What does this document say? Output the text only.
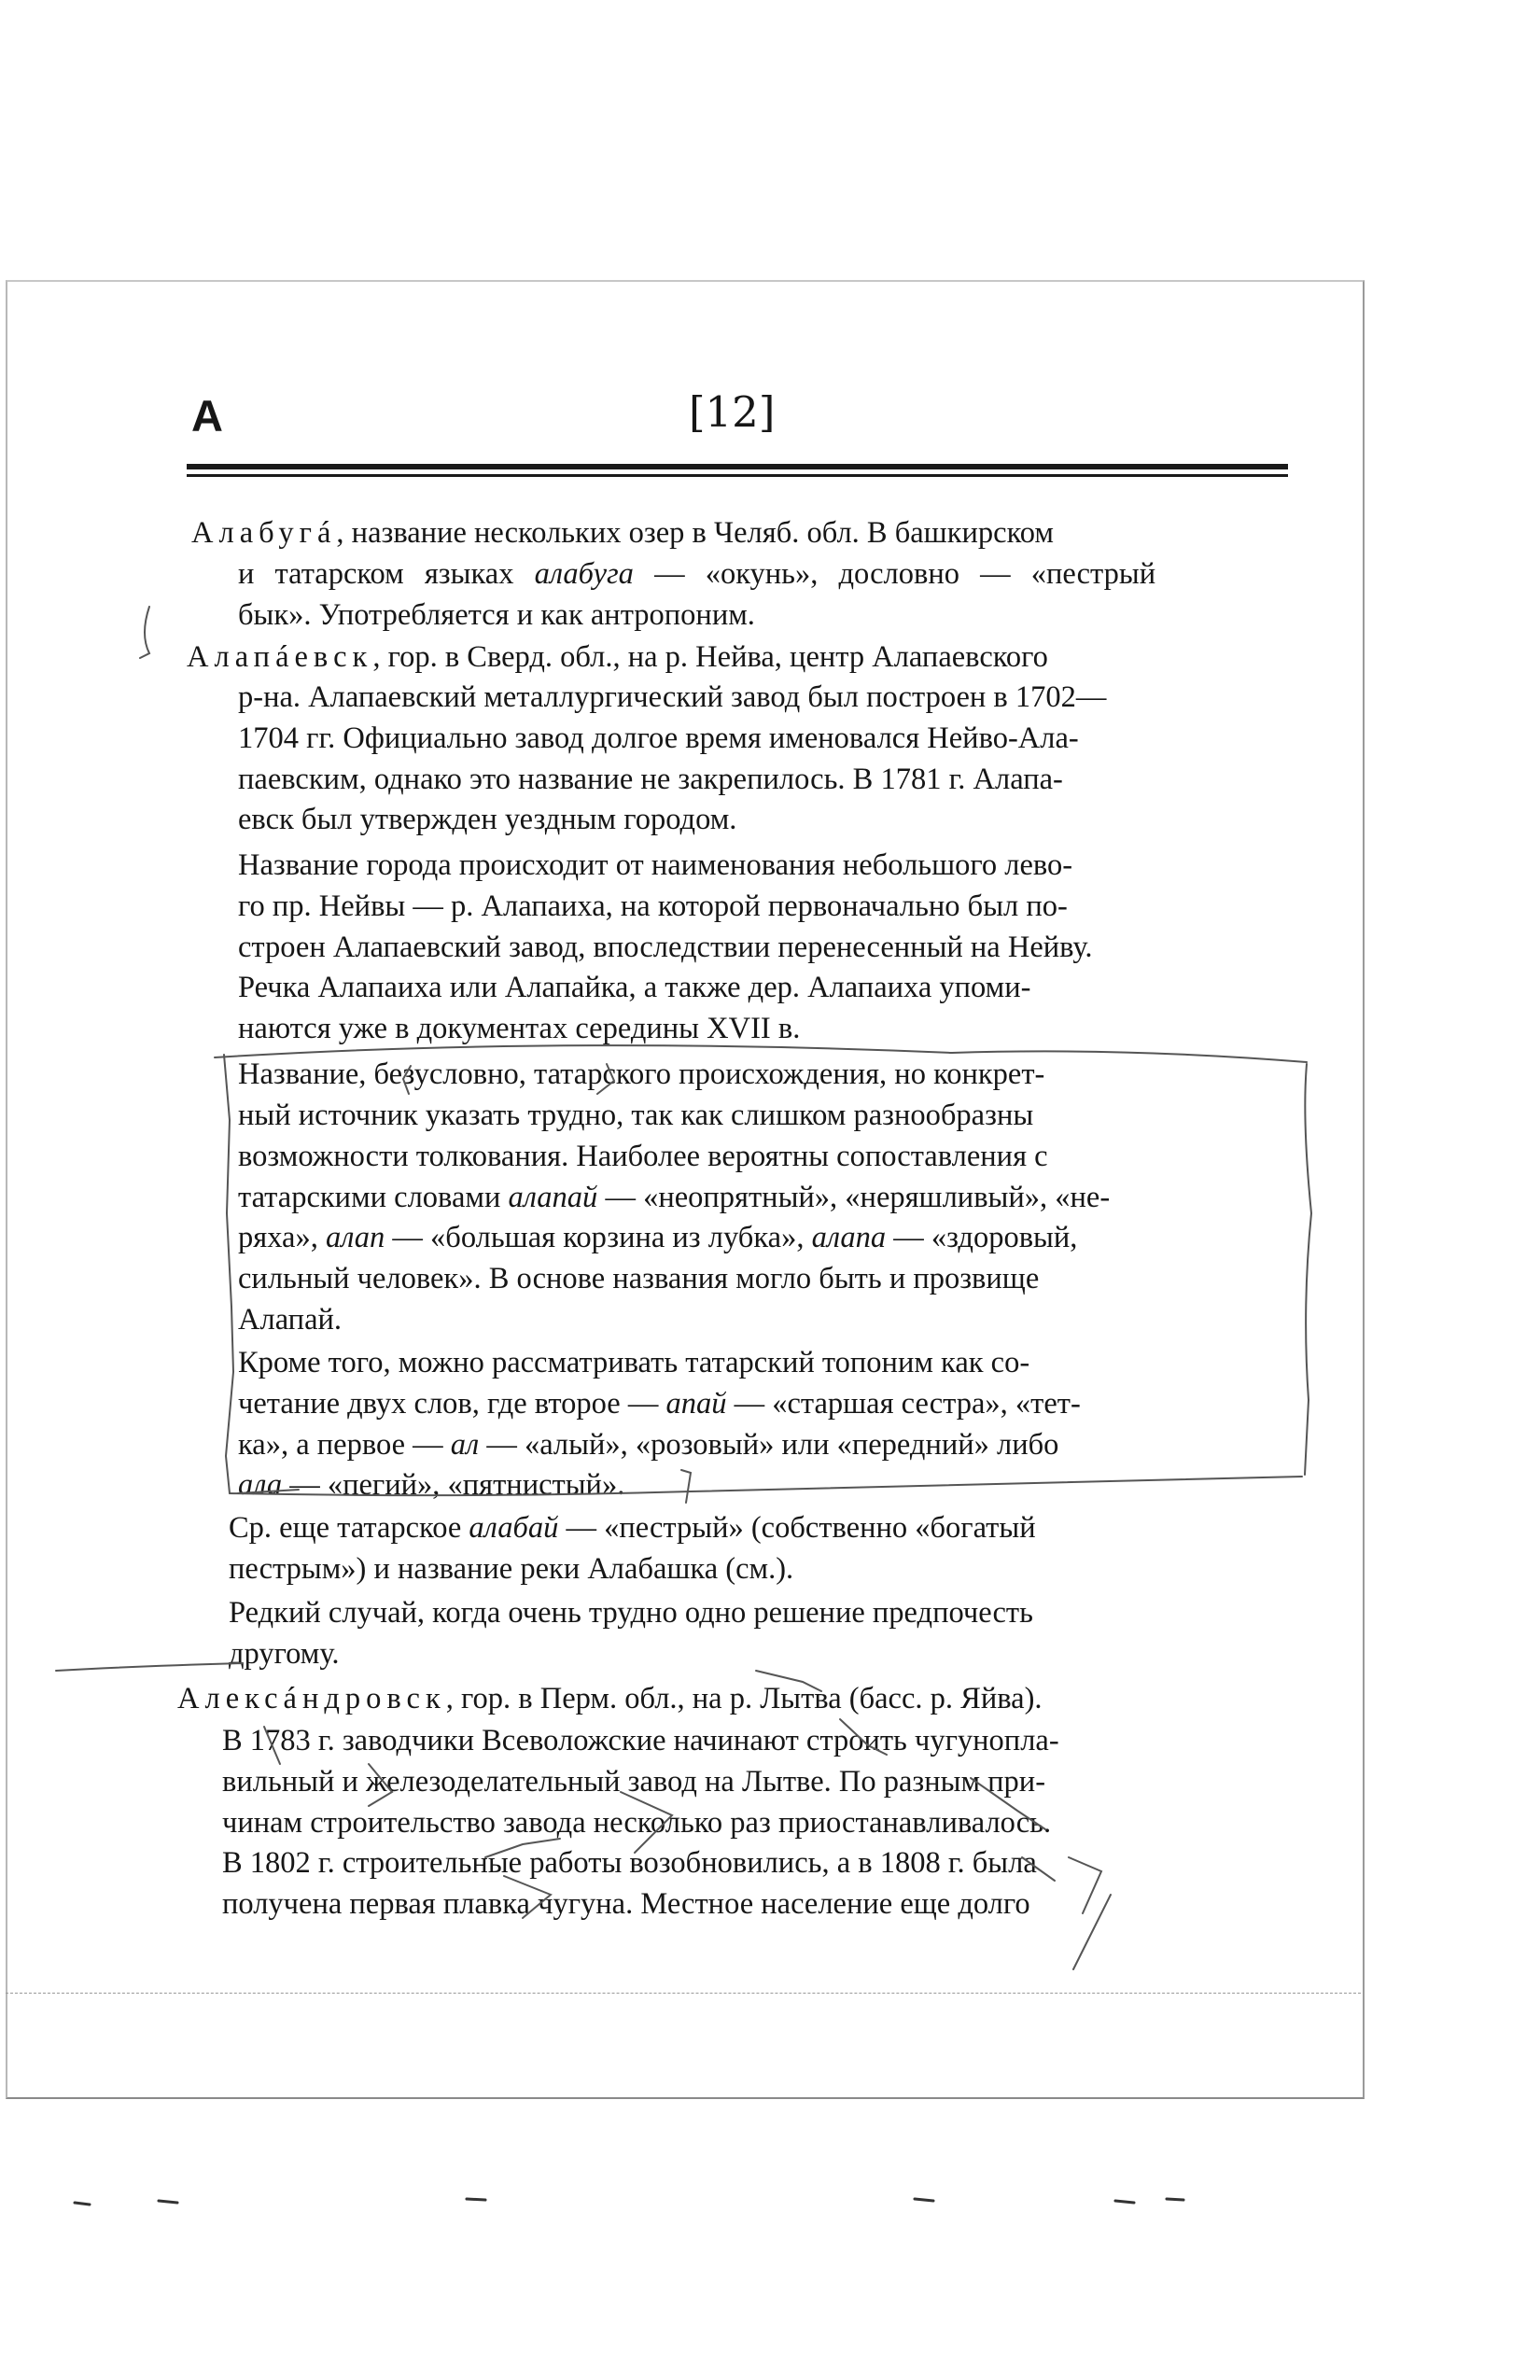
А	[12]
Алабугá, название нескольких озер в Челяб. обл. В башкирском
и татарском языках алабуга — «окунь», дословно — «пестрый
бык». Употребляется и как антропоним.
Алапáевск, гор. в Сверд. обл., на р. Нейва, центр Алапаевского
р-на. Алапаевский металлургический завод был построен в 1702—
1704 гг. Официально завод долгое время именовался Нейво-Ала-
паевским, однако это название не закрепилось. В 1781 г. Алапа-
евск был утвержден уездным городом.
Название города происходит от наименования небольшого лево-
го пр. Нейвы — р. Алапаиха, на которой первоначально был по-
строен Алапаевский завод, впоследствии перенесенный на Нейву.
Речка Алапаиха или Алапайка, а также дер. Алапаиха упоми-
наются уже в документах середины XVII в.
Название, безусловно, татарского происхождения, но конкрет-
ный источник указать трудно, так как слишком разнообразны
возможности толкования. Наиболее вероятны сопоставления с
татарскими словами алапай — «неопрятный», «неряшливый», «не-
ряха», алап — «большая корзина из лубка», алапа — «здоровый,
сильный человек». В основе названия могло быть и прозвище
Алапай.
Кроме того, можно рассматривать татарский топоним как со-
четание двух слов, где второе — апай — «старшая сестра», «тет-
ка», а первое — ал — «алый», «розовый» или «передний» либо
ала — «пегий», «пятнистый».
Ср. еще татарское алабай — «пестрый» (собственно «богатый
пестрым») и название реки Алабашка (см.).
Редкий случай, когда очень трудно одно решение предпочесть
другому.
Алексáндровск, гор. в Перм. обл., на р. Лытва (басс. р. Яйва).
В 1783 г. заводчики Всеволожские начинают строить чугунопла-
вильный и железоделательный завод на Лытве. По разным при-
чинам строительство завода несколько раз приостанавливалось.
В 1802 г. строительные работы возобновились, а в 1808 г. была
получена первая плавка чугуна. Местное население еще долго
